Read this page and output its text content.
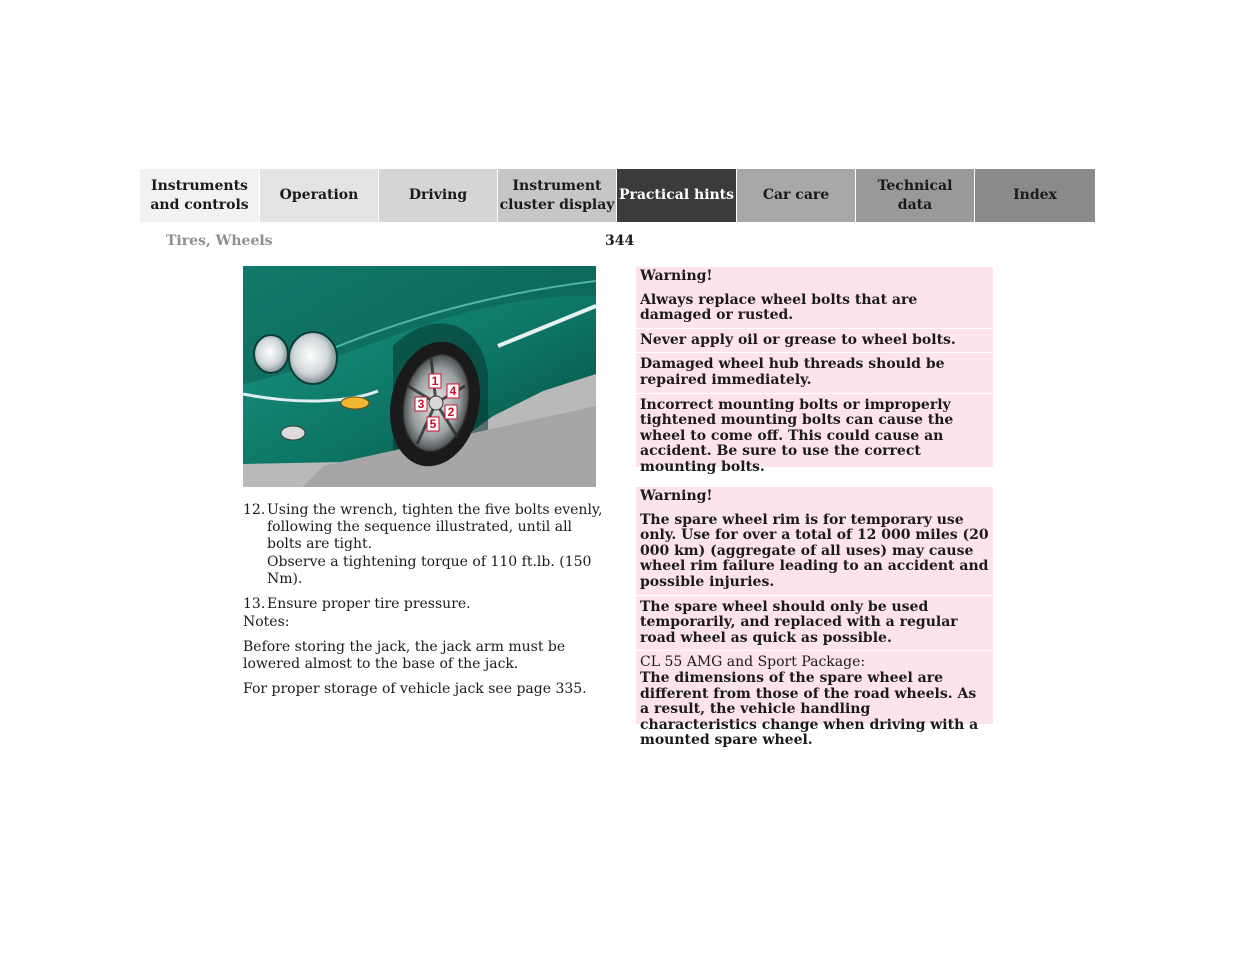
Instruments
and controls
Operation	Driving
Instrument
cluster display
Practical hints	Car care
Technical
data
Index
Tires, Wheels	344
1
4
3
2
5
12. Using the wrench, tighten the five bolts evenly, following the sequence illustrated, until all bolts are tight.

Observe a tightening torque of 110 ft.lb. (150 Nm).

13. Ensure proper tire pressure.

Notes:

Before storing the jack, the jack arm must be lowered almost to the base of the jack.

For proper storage of vehicle jack see page 335.

Warning!
Always replace wheel bolts that are damaged or rusted.
Never apply oil or grease to wheel bolts.
Damaged wheel hub threads should be repaired immediately.
Incorrect mounting bolts or improperly tightened mounting bolts can cause the wheel to come off. This could cause an accident. Be sure to use the correct mounting bolts.
Warning!
The spare wheel rim is for temporary use only. Use for over a total of 12 000 miles (20 000 km) (aggregate of all uses) may cause wheel rim failure leading to an accident and possible injuries.
The spare wheel should only be used temporarily, and replaced with a regular road wheel as quick as possible.
CL 55 AMG and Sport Package:
The dimensions of the spare wheel are different from those of the road wheels. As a result, the vehicle handling characteristics change when driving with a mounted spare wheel.
